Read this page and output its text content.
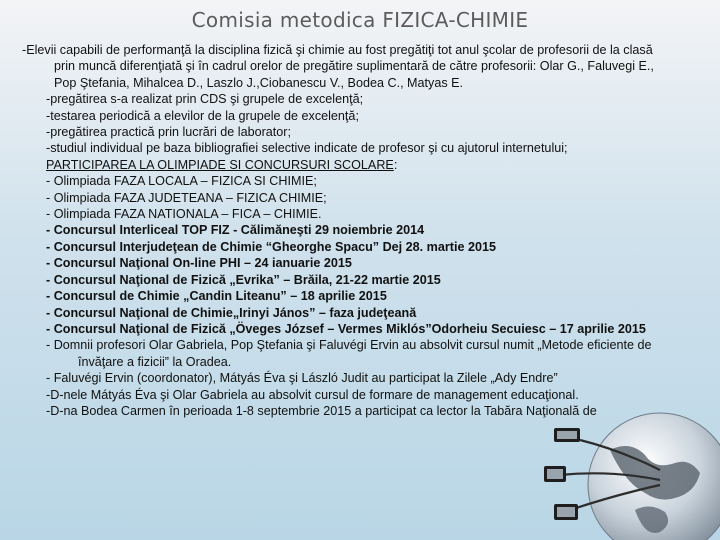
Comisia metodica FIZICA-CHIMIE

-Elevii capabili de performanţă la disciplina fizică şi chimie au fost pregătiţi tot anul şcolar de profesorii de la clasă prin muncă diferenţiată şi în cadrul orelor de pregătire suplimentară de către profesorii: Olar G., Faluvegi E., Pop Ştefania, Mihalcea D., Laszlo J.,Ciobanescu V., Bodea C., Matyas E.

-pregătirea s-a realizat prin CDS şi grupele de excelenţă;

-testarea periodică a elevilor de la grupele de excelenţă;

-pregătirea practică prin lucrări de laborator;

-studiul individual pe baza bibliografiei selective indicate de profesor şi cu ajutorul internetului;

PARTICIPAREA LA OLIMPIADE SI CONCURSURI SCOLARE:

- Olimpiada FAZA LOCALA – FIZICA SI CHIMIE;

- Olimpiada FAZA JUDETEANA – FIZICA CHIMIE;

- Olimpiada FAZA NATIONALA – FICA – CHIMIE.

- Concursul Interliceal TOP FIZ - Călimăneşti 29 noiembrie 2014

- Concursul Interjudeţean de Chimie “Gheorghe Spacu” Dej 28. martie 2015

- Concursul Naţional On-line PHI – 24 ianuarie 2015

- Concursul Naţional de Fizică „Evrika” – Brăila, 21-22 martie 2015

- Concursul de Chimie „Candin Liteanu” – 18 aprilie 2015

- Concursul Naţional de Chimie„Irinyi János” – faza judeţeană

- Concursul Naţional de Fizică „Öveges József – Vermes Miklós”Odorheiu Secuiesc – 17 aprilie 2015

- Domnii profesori Olar Gabriela, Pop Ştefania şi Faluvégi Ervin au absolvit cursul numit „Metode eficiente de învăţare a fizicii” la Oradea.

- Faluvégi Ervin (coordonator), Mátyás Éva şi László Judit au participat la Zilele „Ady Endre”

-D-nele Mátyás Éva şi Olar Gabriela au absolvit cursul de formare de management educaţional.

-D-na Bodea Carmen în perioada 1-8 septembrie 2015 a participat ca lector la Tabăra Naţională de
